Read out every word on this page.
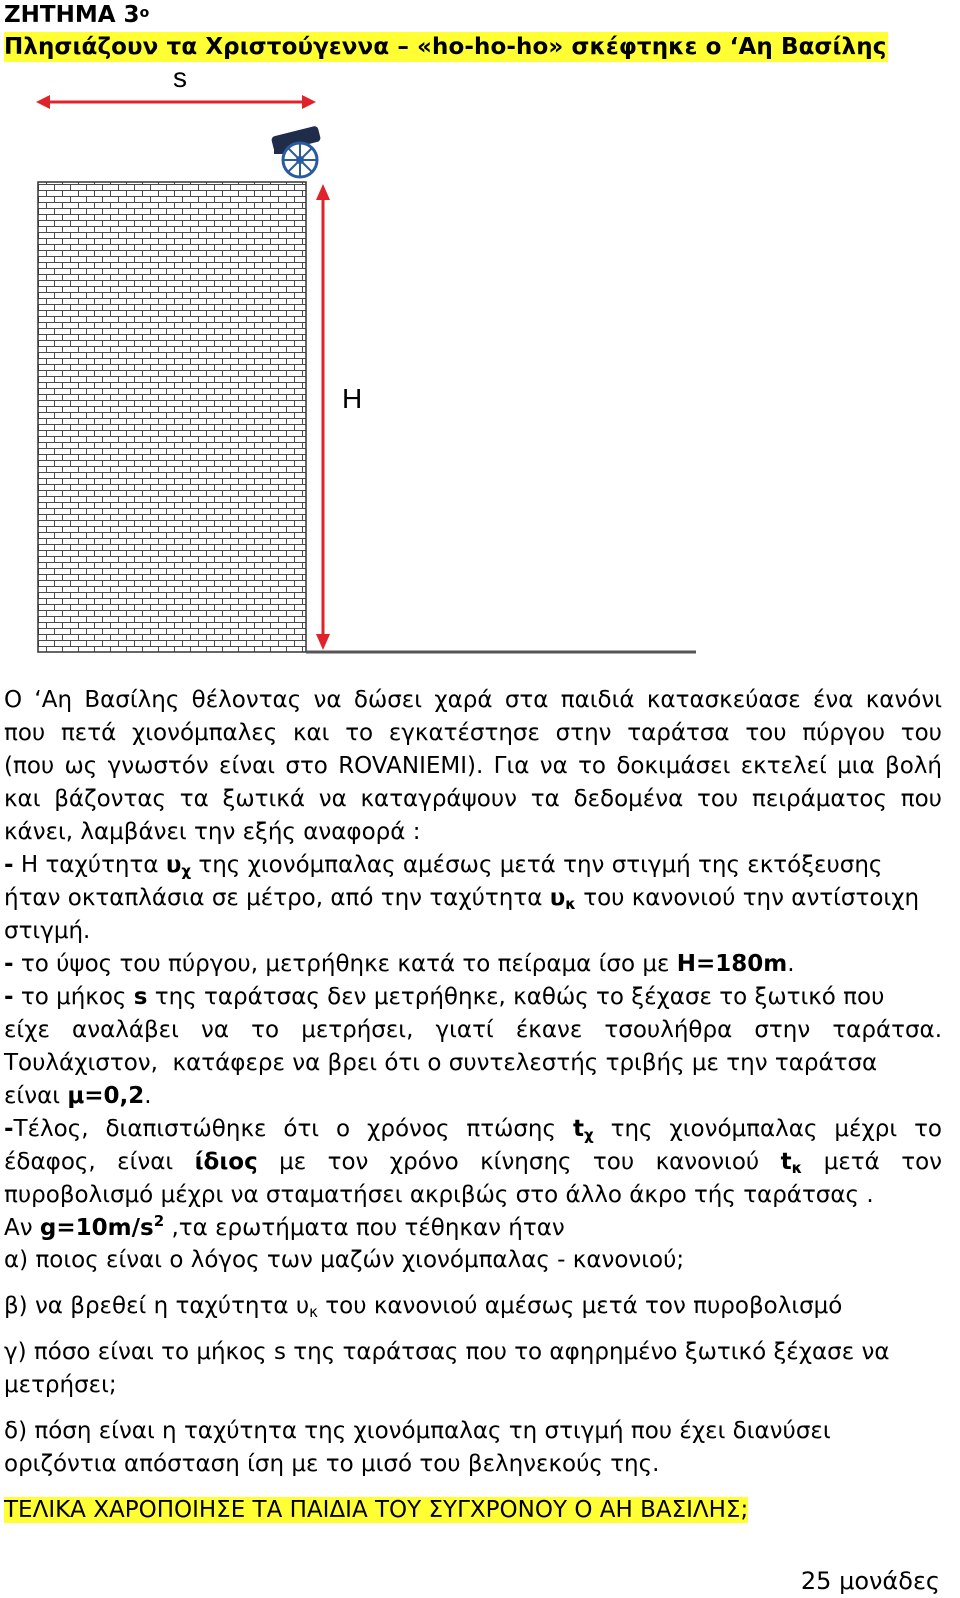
ΖΗΤΗΜΑ $3^o$
Πλησιάζουν τα Χριστούγεννα – «ho-ho-ho» σκέφτηκε ο ‘Αη Βασίλης
s
H
Ο ‘Αη Βασίλης θέλοντας να δώσει χαρά στα παιδιά κατασκεύασε ένα κανόνι
που πετά χιονόμπαλες και το εγκατέστησε στην ταράτσα του πύργου του
(που ως γνωστόν είναι στο ROVANIEMI). Για να το δοκιμάσει εκτελεί μια βολή
και βάζοντας τα ξωτικά να καταγράψουν τα δεδομένα του πειράματος που
κάνει, λαμβάνει την εξής αναφορά :
- Η ταχύτητα υχ της χιονόμπαλας αμέσως μετά την στιγμή της εκτόξευσης
ήταν οκταπλάσια σε μέτρο, από την ταχύτητα υκ του κανονιού την αντίστοιχη
στιγμή.
- το ύψος του πύργου, μετρήθηκε κατά το πείραμα ίσο με H=180m.
- το μήκος s της ταράτσας δεν μετρήθηκε, καθώς το ξέχασε το ξωτικό που
είχε αναλάβει να το μετρήσει, γιατί έκανε τσουλήθρα στην ταράτσα.
Τουλάχιστον,  κατάφερε να βρει ότι ο συντελεστής τριβής με την ταράτσα
είναι μ=0,2.
-Τέλος, διαπιστώθηκε ότι ο χρόνος πτώσης tχ της χιονόμπαλας μέχρι το
έδαφος, είναι ίδιος με τον χρόνο κίνησης του κανονιού tκ μετά τον
πυροβολισμό μέχρι να σταματήσει ακριβώς στο άλλο άκρο τής ταράτσας .
Αν $g=10m/s^2$ ,τα ερωτήματα που τέθηκαν ήταν
α) ποιος είναι ο λόγος των μαζών χιονόμπαλας - κανονιού;
β) να βρεθεί η ταχύτητα υκ του κανονιού αμέσως μετά τον πυροβολισμό
γ) πόσο είναι το μήκος s της ταράτσας που το αφηρημένο ξωτικό ξέχασε να
μετρήσει;
δ) πόση είναι η ταχύτητα της χιονόμπαλας τη στιγμή που έχει διανύσει
οριζόντια απόσταση ίση με το μισό του βεληνεκούς της.
ΤΕΛΙΚΑ ΧΑΡΟΠΟΙΗΣΕ ΤΑ ΠΑΙΔΙΑ ΤΟΥ ΣΥΓΧΡΟΝΟΥ Ο ΑΗ ΒΑΣΙΛΗΣ;
25 μονάδες
